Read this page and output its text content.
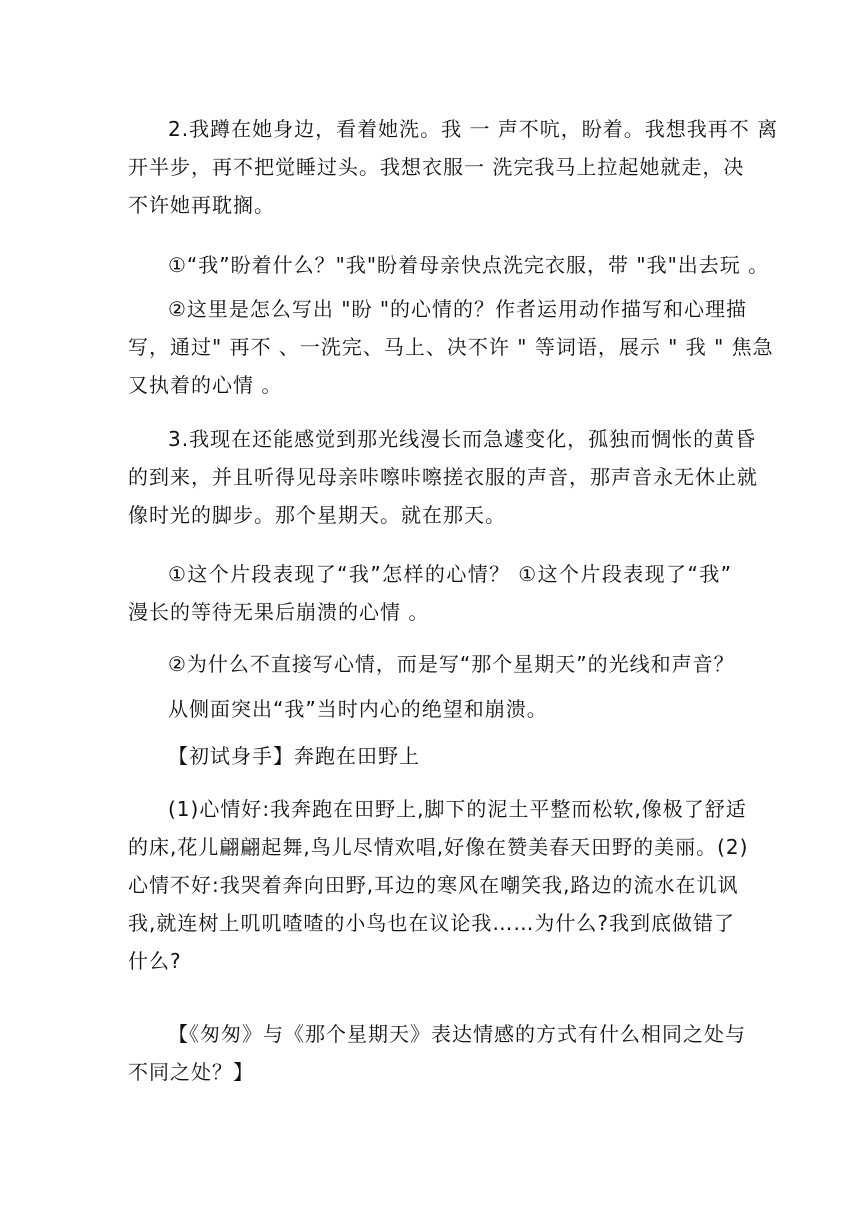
2.我蹲在她身边，看着她洗。我 一 声不吭，盼着。我想我再不 离
开半步，再不把觉睡过头。我想衣服一 洗完我马上拉起她就走，决
不许她再耽搁。
①“我”盼着什么？"我"盼着母亲快点洗完衣服，带 "我"出去玩 。
②这里是怎么写出 "盼 "的心情的？作者运用动作描写和心理描
写，通过" 再不 、一洗完、马上、决不许 " 等词语，展示 " 我 " 焦急
又执着的心情 。
3.我现在还能感觉到那光线漫长而急遽变化，孤独而惆怅的黄昏
的到来，并且听得见母亲咔嚓咔嚓搓衣服的声音，那声音永无休止就
像时光的脚步。那个星期天。就在那天。
①这个片段表现了“我”怎样的心情？ ①这个片段表现了“我”
漫长的等待无果后崩溃的心情 。
②为什么不直接写心情，而是写“那个星期天”的光线和声音？
从侧面突出“我”当时内心的绝望和崩溃。
【初试身手】奔跑在田野上
(1)心情好:我奔跑在田野上,脚下的泥土平整而松软,像极了舒适
的床,花儿翩翩起舞,鸟儿尽情欢唱,好像在赞美春天田野的美丽。(2)
心情不好:我哭着奔向田野,耳边的寒风在嘲笑我,路边的流水在讥讽
我,就连树上叽叽喳喳的小鸟也在议论我……为什么?我到底做错了
什么?
【《匆匆》与《那个星期天》表达情感的方式有什么相同之处与
不同之处？】
